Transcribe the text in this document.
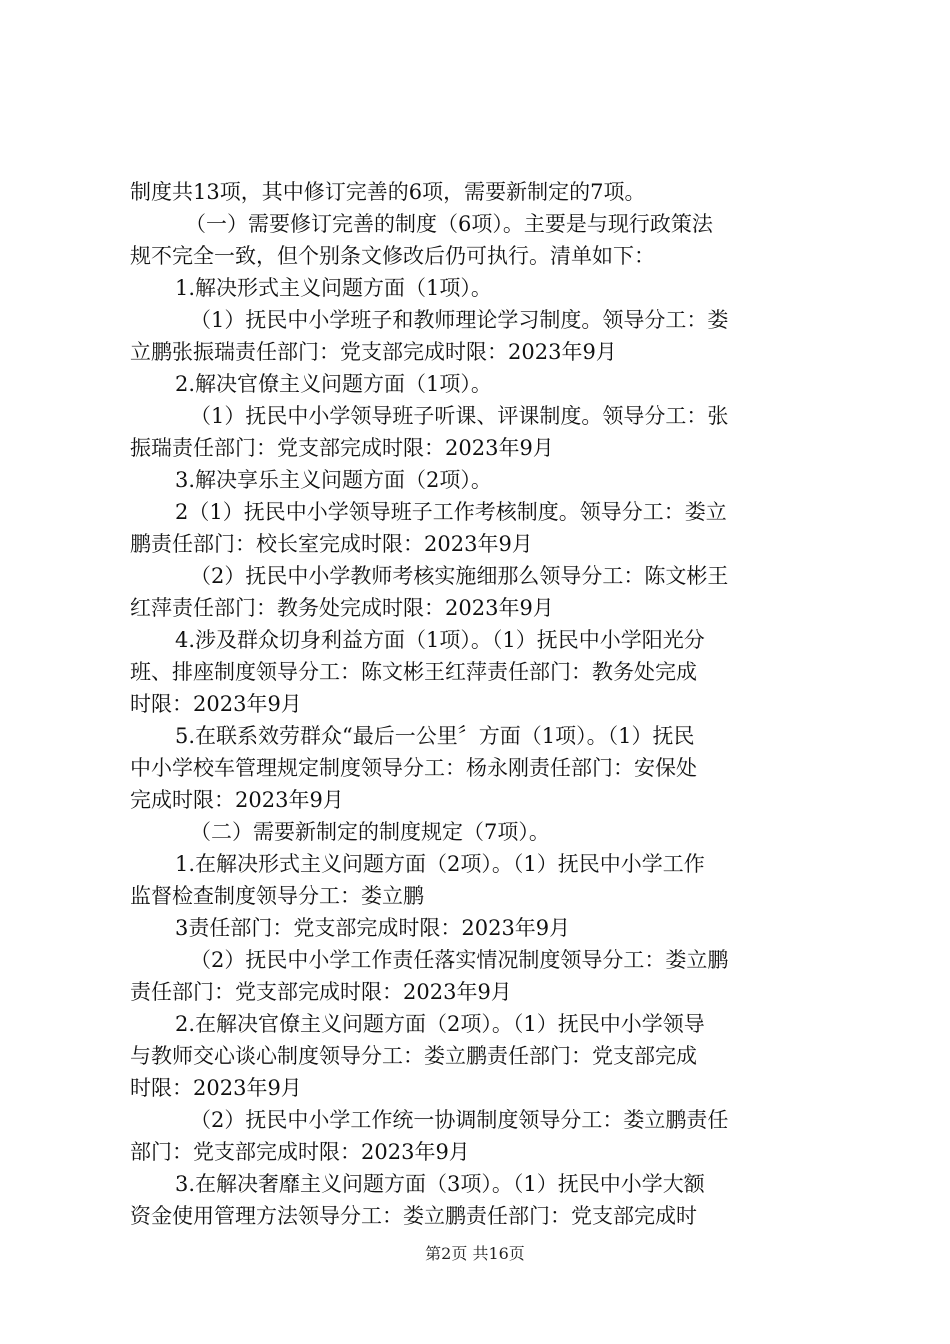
制度共13项，其中修订完善的6项，需要新制定的7项。

（一）需要修订完善的制度（6项）。主要是与现行政策法

规不完全一致，但个别条文修改后仍可执行。清单如下：

1.解决形式主义问题方面（1项）。

（1）抚民中小学班子和教师理论学习制度。领导分工：娄

立鹏张振瑞责任部门：党支部完成时限：2023年9月

2.解决官僚主义问题方面（1项）。

（1）抚民中小学领导班子听课、评课制度。领导分工：张

振瑞责任部门：党支部完成时限：2023年9月

3.解决享乐主义问题方面（2项）。

2（1）抚民中小学领导班子工作考核制度。领导分工：娄立

鹏责任部门：校长室完成时限：2023年9月

（2）抚民中小学教师考核实施细那么领导分工：陈文彬王

红萍责任部门：教务处完成时限：2023年9月

4.涉及群众切身利益方面（1项）。（1）抚民中小学阳光分

班、排座制度领导分工：陈文彬王红萍责任部门：教务处完成

时限：2023年9月

5.在联系效劳群众“最后一公里〞方面（1项）。（1）抚民

中小学校车管理规定制度领导分工：杨永刚责任部门：安保处

完成时限：2023年9月

（二）需要新制定的制度规定（7项）。

1.在解决形式主义问题方面（2项）。（1）抚民中小学工作

监督检查制度领导分工：娄立鹏

3责任部门：党支部完成时限：2023年9月

（2）抚民中小学工作责任落实情况制度领导分工：娄立鹏

责任部门：党支部完成时限：2023年9月

2.在解决官僚主义问题方面（2项）。（1）抚民中小学领导

与教师交心谈心制度领导分工：娄立鹏责任部门：党支部完成

时限：2023年9月

（2）抚民中小学工作统一协调制度领导分工：娄立鹏责任

部门：党支部完成时限：2023年9月

3.在解决奢靡主义问题方面（3项）。（1）抚民中小学大额

资金使用管理方法领导分工：娄立鹏责任部门：党支部完成时

第2页 共16页
